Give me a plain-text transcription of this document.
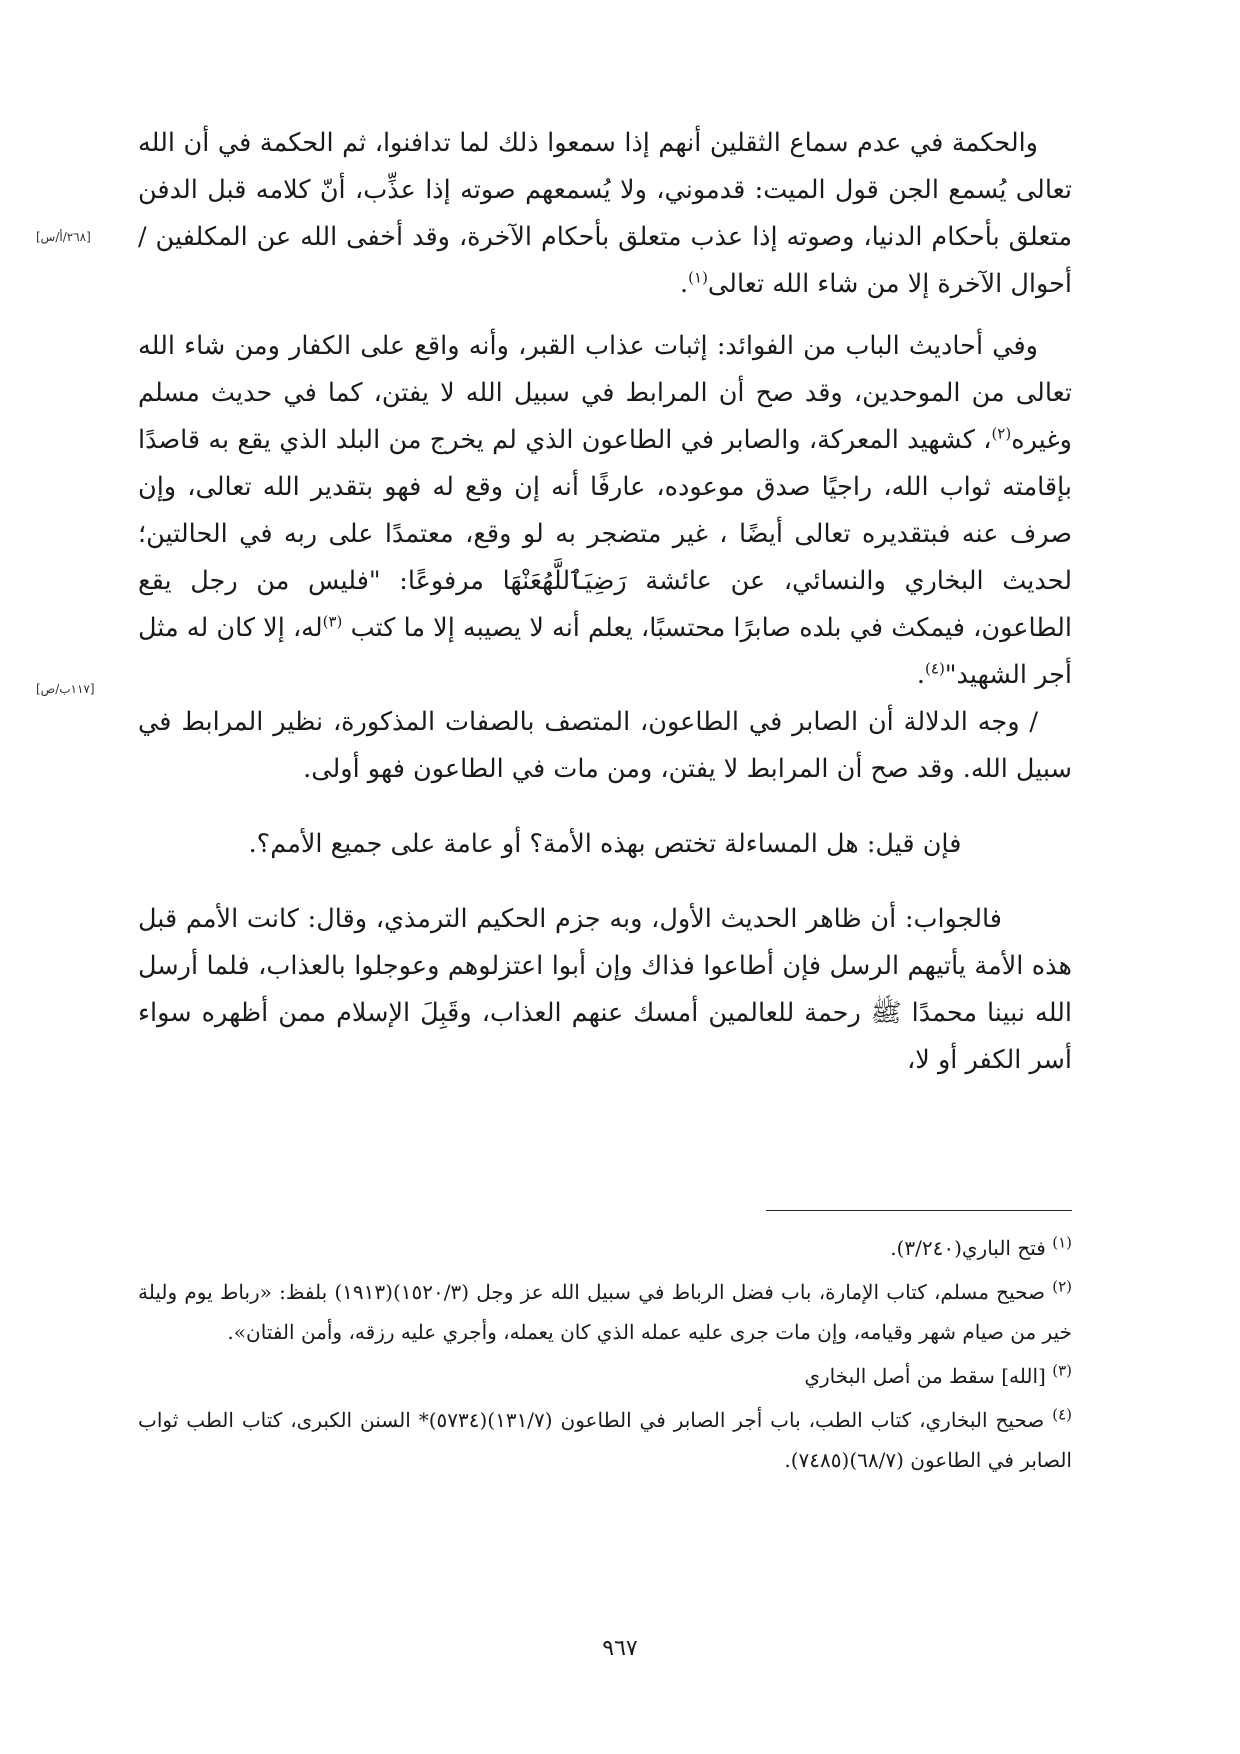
والحكمة في عدم سماع الثقلين أنهم إذا سمعوا ذلك لما تدافنوا، ثم الحكمة في أن الله تعالى يُسمع الجن قول الميت: قدموني، ولا يُسمعهم صوته إذا عذِّب، أنّ كلامه قبل الدفن متعلق بأحكام الدنيا، وصوته إذا عذب متعلق بأحكام الآخرة، وقد أخفى الله عن المكلفين /أحوال الآخرة إلا من شاء الله تعالى$^{(١)}$.

وفي أحاديث الباب من الفوائد: إثبات عذاب القبر، وأنه واقع على الكفار ومن شاء الله تعالى من الموحدين، وقد صح أن المرابط في سبيل الله لا يفتن، كما في حديث مسلم وغيره$^{(٢)}$، كشهيد المعركة، والصابر في الطاعون الذي لم يخرج من البلد الذي يقع به قاصدًا بإقامته ثواب الله، راجيًا صدق موعوده، عارفًا أنه إن وقع له فهو بتقدير الله تعالى، وإن صرف عنه فبتقديره تعالى أيضًا ، غير متضجر به لو وقع، معتمدًا على ربه في الحالتين؛ لحديث البخاري والنسائي، عن عائشة رَضِيَٱللَّهُعَنْهَا مرفوعًا: "فليس من رجل يقع الطاعون، فيمكث في بلده صابرًا محتسبًا، يعلم أنه لا يصيبه إلا ما كتب $^{(٣)}$له، إلا كان له مثل أجر الشهيد"$^{(٤)}$.

/ وجه الدلالة أن الصابر في الطاعون، المتصف بالصفات المذكورة، نظير المرابط في سبيل الله. وقد صح أن المرابط لا يفتن، ومن مات في الطاعون فهو أولى.

فإن قيل: هل المساءلة تختص بهذه الأمة؟ أو عامة على جميع الأمم؟.

فالجواب: أن ظاهر الحديث الأول، وبه جزم الحكيم الترمذي، وقال: كانت الأمم قبل هذه الأمة يأتيهم الرسل فإن أطاعوا فذاك وإن أبوا اعتزلوهم وعوجلوا بالعذاب، فلما أرسل الله نبينا محمدًا ﷺ رحمة للعالمين أمسك عنهم العذاب، وقَبِلَ الإسلام ممن أظهره سواء أسر الكفر أو لا،

[٢٦٨/أ/س]
[١١٧ب/ص]

$^{(١)}$ فتح الباري(٣/٢٤٠).

$^{(٢)}$ صحيح مسلم، كتاب الإمارة، باب فضل الرباط في سبيل الله عز وجل (١٥٢٠/٣)(١٩١٣) بلفظ: «رباط يوم وليلة خير من صيام شهر وقيامه، وإن مات جرى عليه عمله الذي كان يعمله، وأجري عليه رزقه، وأمن الفتان».

$^{(٣)}$ [الله] سقط من أصل البخاري

$^{(٤)}$ صحيح البخاري، كتاب الطب، باب أجر الصابر في الطاعون (١٣١/٧)(٥٧٣٤)* السنن الكبرى، كتاب الطب ثواب الصابر في الطاعون (٦٨/٧)(٧٤٨٥).

٩٦٧
